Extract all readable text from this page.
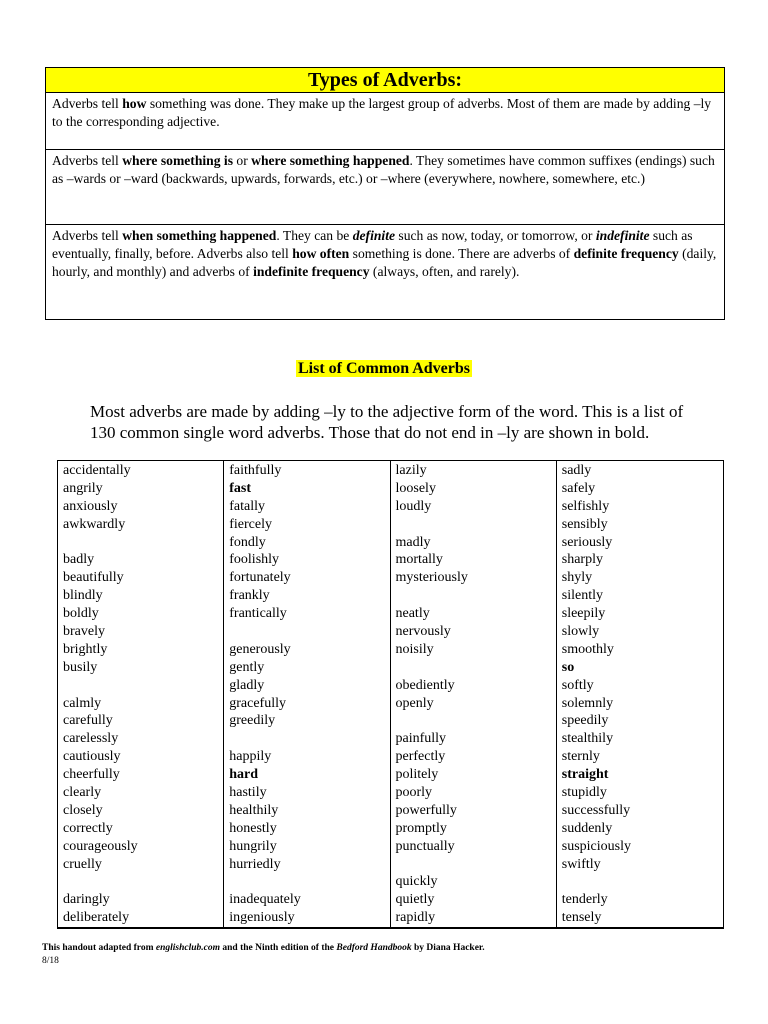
Types of Adverbs:
Adverbs tell how something was done. They make up the largest group of adverbs. Most of them are made by adding –ly to the corresponding adjective.
Adverbs tell where something is or where something happened. They sometimes have common suffixes (endings) such as –wards or –ward (backwards, upwards, forwards, etc.) or –where (everywhere, nowhere, somewhere, etc.)
Adverbs tell when something happened. They can be definite such as now, today, or tomorrow, or indefinite such as eventually, finally, before. Adverbs also tell how often something is done. There are adverbs of definite frequency (daily, hourly, and monthly) and adverbs of indefinite frequency (always, often, and rarely).
List of Common Adverbs
Most adverbs are made by adding –ly to the adjective form of the word. This is a list of 130 common single word adverbs. Those that do not end in –ly are shown in bold.
accidentally
angrily
anxiously
awkwardly

badly
beautifully
blindly
boldly
bravely
brightly
busily

calmly
carefully
carelessly
cautiously
cheerfully
clearly
closely
correctly
courageously
cruelly

daringly
deliberately
faithfully
fast
fatally
fiercely
fondly
foolishly
fortunately
frankly
frantically

generously
gently
gladly
gracefully
greedily

happily
hard
hastily
healthily
honestly
hungrily
hurriedly

inadequately
ingeniously
lazily
loosely
loudly

madly
mortally
mysteriously

neatly
nervously
noisily

obediently
openly

painfully
perfectly
politely
poorly
powerfully
promptly
punctually

quickly
quietly
rapidly
sadly
safely
selfishly
sensibly
seriously
sharply
shyly
silently
sleepily
slowly
smoothly
so
softly
solemnly
speedily
stealthily
sternly
straight
stupidly
successfully
suddenly
suspiciously
swiftly

tenderly
tensely
This handout adapted from englishclub.com and the Ninth edition of the Bedford Handbook by Diana Hacker.
8/18
